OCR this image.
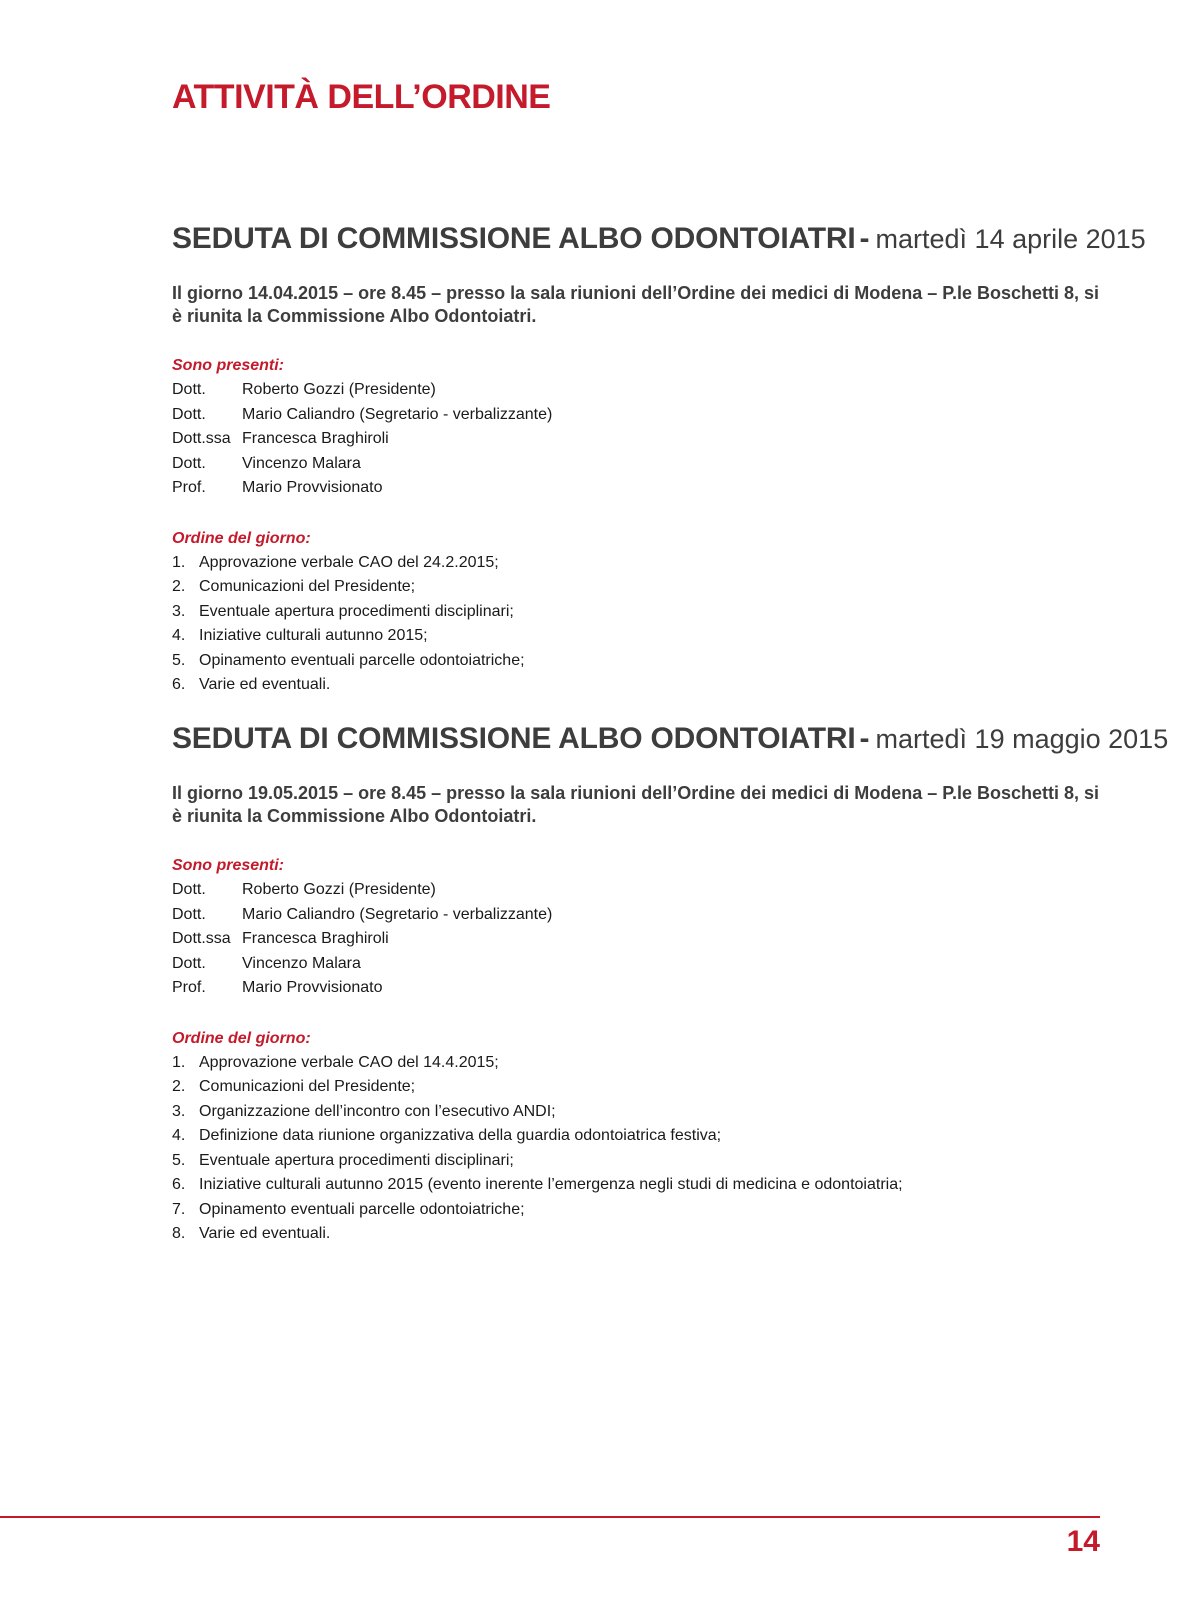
ATTIVITÀ DELL’ORDINE
SEDUTA DI COMMISSIONE ALBO ODONTOIATRI - martedì 14 aprile 2015
Il giorno 14.04.2015 – ore 8.45 – presso la sala riunioni dell’Ordine dei medici di Modena – P.le Boschetti 8, si è riunita la Commissione Albo Odontoiatri.
Sono presenti:
Dott.	Roberto Gozzi (Presidente)
Dott.	Mario Caliandro (Segretario - verbalizzante)
Dott.ssa Francesca Braghiroli
Dott.	Vincenzo Malara
Prof.	Mario Provvisionato
Ordine del giorno:
1. Approvazione verbale CAO del 24.2.2015;
2. Comunicazioni del Presidente;
3. Eventuale apertura procedimenti disciplinari;
4. Iniziative culturali autunno 2015;
5. Opinamento eventuali parcelle odontoiatriche;
6. Varie ed eventuali.
SEDUTA DI COMMISSIONE ALBO ODONTOIATRI - martedì 19 maggio 2015
Il giorno 19.05.2015 – ore 8.45 – presso la sala riunioni dell’Ordine dei medici di Modena – P.le Boschetti 8, si è riunita la Commissione Albo Odontoiatri.
Sono presenti:
Dott.	Roberto Gozzi (Presidente)
Dott.	Mario Caliandro (Segretario - verbalizzante)
Dott.ssa Francesca Braghiroli
Dott.	Vincenzo Malara
Prof.	Mario Provvisionato
Ordine del giorno:
1. Approvazione verbale CAO del 14.4.2015;
2. Comunicazioni del Presidente;
3. Organizzazione dell’incontro con l’esecutivo ANDI;
4. Definizione data riunione organizzativa della guardia odontoiatrica festiva;
5. Eventuale apertura procedimenti disciplinari;
6. Iniziative culturali autunno 2015 (evento inerente l’emergenza negli studi di medicina e odontoiatria;
7. Opinamento eventuali parcelle odontoiatriche;
8. Varie ed eventuali.
14
